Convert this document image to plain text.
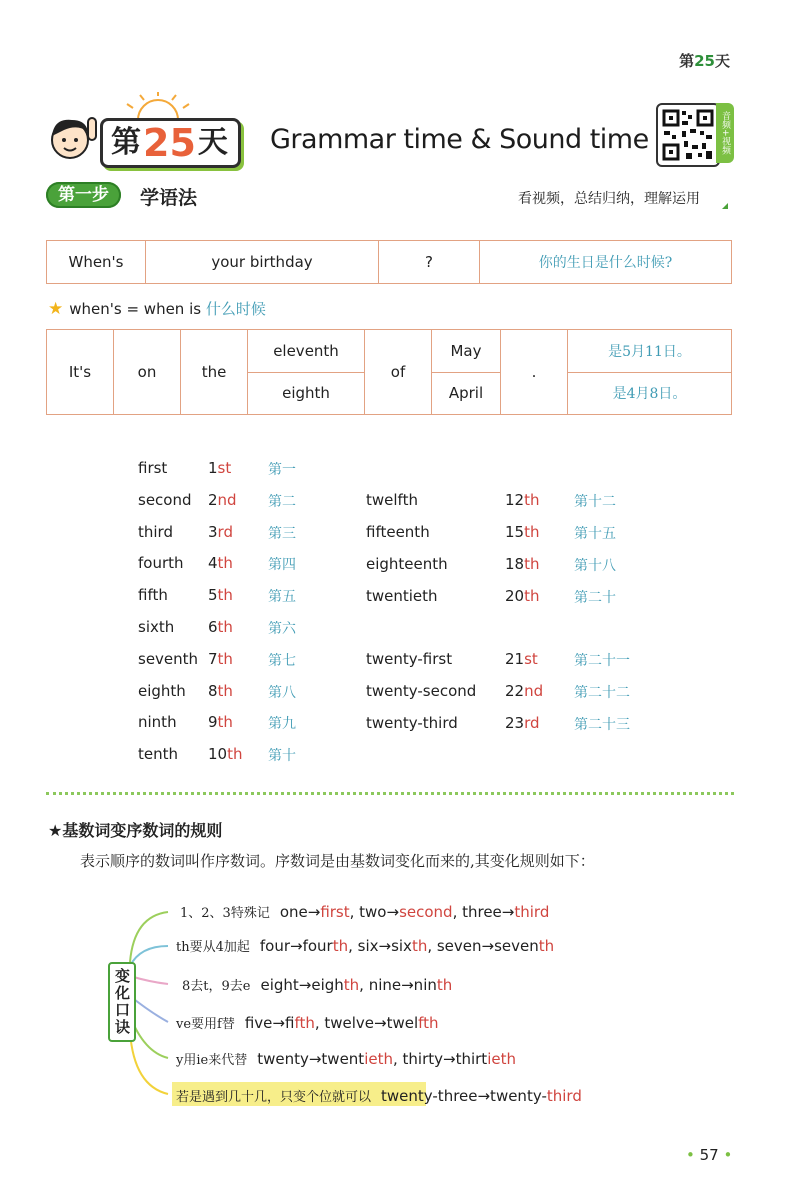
第25天
第 25 天 Grammar time & Sound time	音频+视频
第一步	学语法	看视频，总结归纳，理解运用
When's	your birthday	?	你的生日是什么时候?
★ when's = when is 什么时候
It's	on	the	eleventh	of	May	.	是5月11日。
			eighth		April		是4月8日。
first	1st	第一
second 2nd 第二
third 3rd	第三
fourth 4th	第四
fifth	5th	第五
sixth 6th	第六
seventh 7th	第七
eighth 8th	第八
ninth 9th	第九
tenth 10th 第十
twelfth	12th 第十二
fifteenth	15th 第十五
eighteenth	18th 第十八
twentieth	20th 第二十
twenty-first	21st	第二十一
twenty-second 22nd 第二十二
twenty-third	23rd 第二十三
★基数词变序数词的规则
表示顺序的数词叫作序数词。序数词是由基数词变化而来的,其变化规则如下：
变化口诀
1、2、3特殊记 one→first, two→second, three→third
th要从4加起 four→fourth, six→sixth, seven→seventh
8去t，9去e eight→eighth, nine→ninth
ve要用f替 five→fifth, twelve→twelfth
y用ie来代替 twenty→twentieth, thirty→thirtieth
若是遇到几十几，只变个位就可以 twenty-three→twenty-third
• 57 •
